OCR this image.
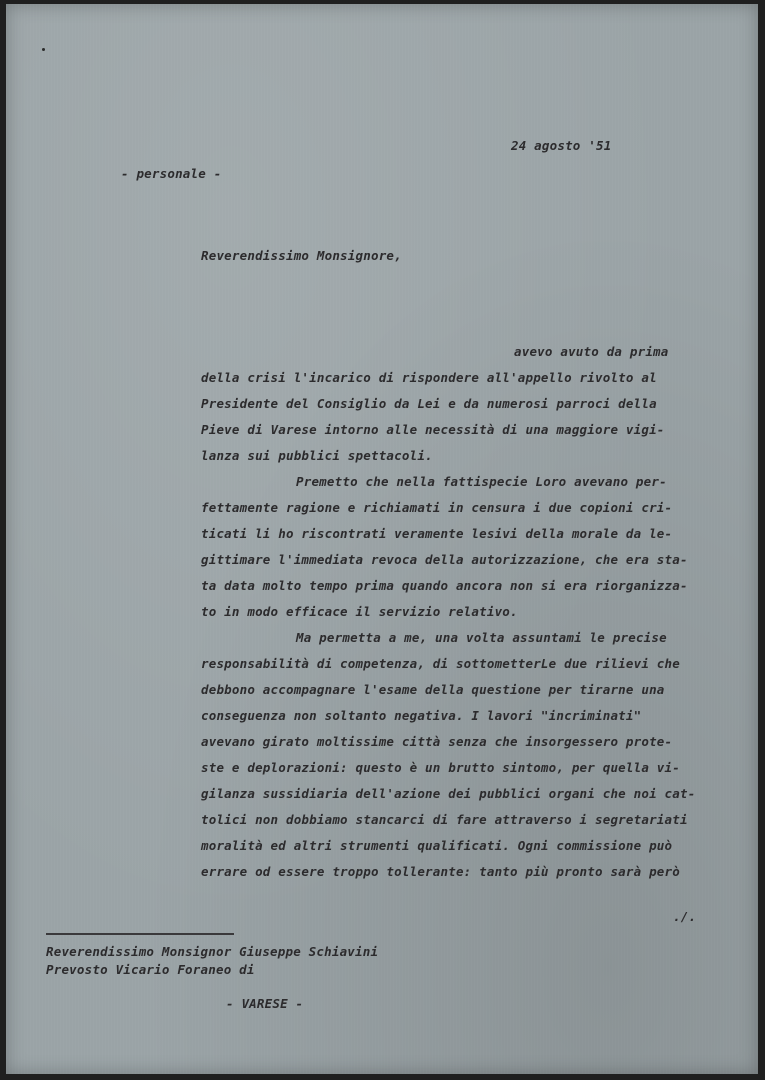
24 agosto '51
- personale -
Reverendissimo Monsignore,
avevo avuto da prima
della crisi l'incarico di rispondere all'appello rivolto al
Presidente del Consiglio da Lei e da numerosi parroci della
Pieve di Varese intorno alle necessità di una maggiore vigi-
lanza sui pubblici spettacoli.
Premetto che nella fattispecie Loro avevano per-
fettamente ragione e richiamati in censura i due copioni cri-
ticati li ho riscontrati veramente lesivi della morale da le-
gittimare l'immediata revoca della autorizzazione, che era sta-
ta data molto tempo prima quando ancora non si era riorganizza-
to in modo efficace il servizio relativo.
Ma permetta a me, una volta assuntami le precise
responsabilità di competenza, di sottometterLe due rilievi che
debbono accompagnare l'esame della questione per tirarne una
conseguenza non soltanto negativa. I lavori "incriminati"
avevano girato moltissime città senza che insorgessero prote-
ste e deplorazioni: questo è un brutto sintomo, per quella vi-
gilanza sussidiaria dell'azione dei pubblici organi che noi cat-
tolici non dobbiamo stancarci di fare attraverso i segretariati
moralità ed altri strumenti qualificati. Ogni commissione può
errare od essere troppo tollerante: tanto più pronto sarà però
./.
Reverendissimo Monsignor Giuseppe Schiavini
Prevosto Vicario Foraneo di
- VARESE -
